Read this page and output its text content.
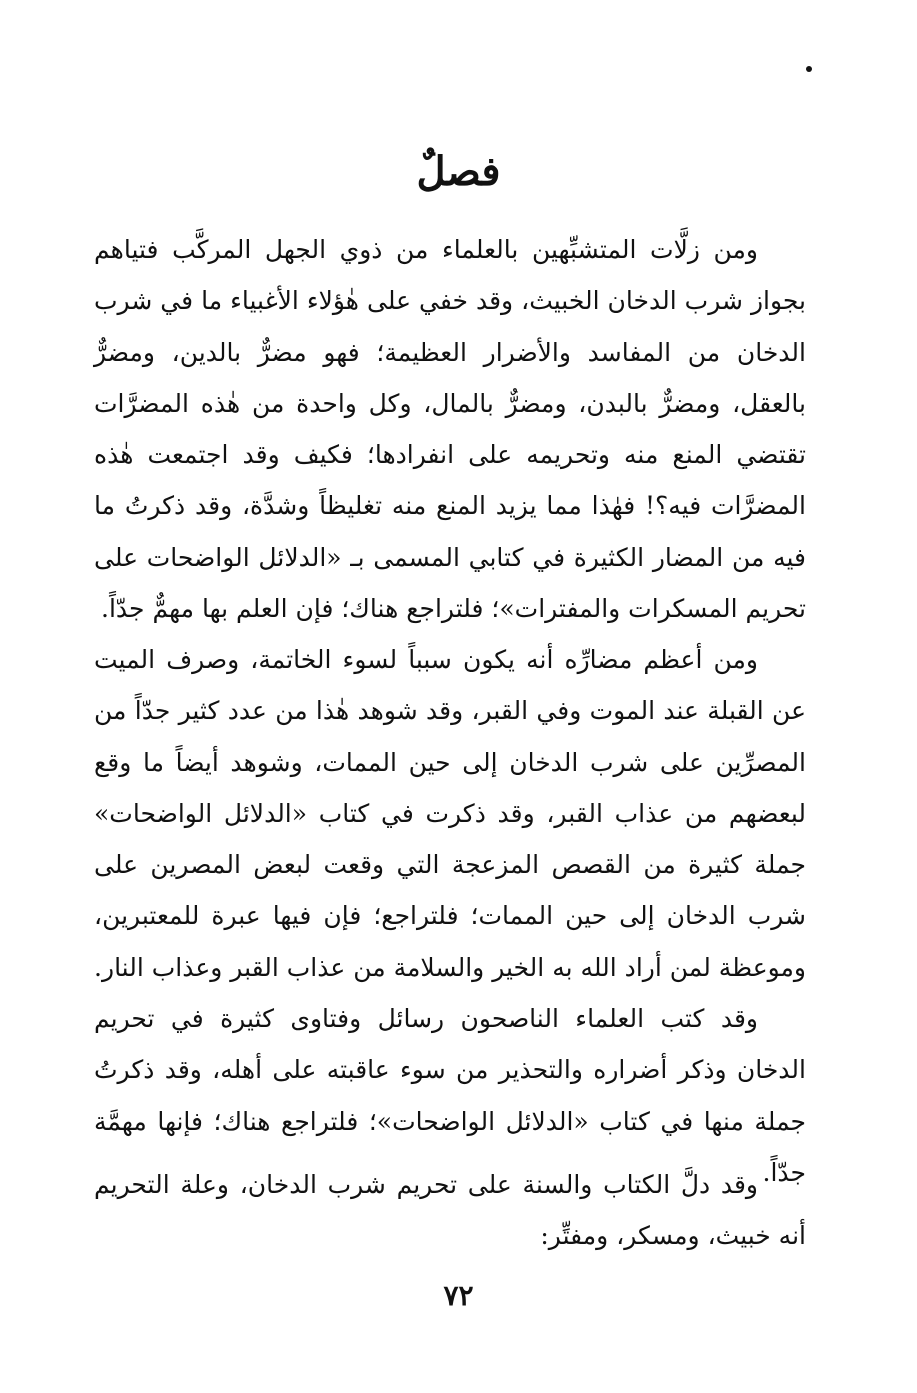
فصلٌ

ومن زلَّات المتشبِّهين بالعلماء من ذوي الجهل المركَّب فتياهم بجواز شرب الدخان الخبيث، وقد خفي على هٰؤلاء الأغبياء ما في شرب الدخان من المفاسد والأضرار العظيمة؛ فهو مضرٌّ بالدين، ومضرٌّ بالعقل، ومضرٌّ بالبدن، ومضرٌّ بالمال، وكل واحدة من هٰذه المضرَّات تقتضي المنع منه وتحريمه على انفرادها؛ فكيف وقد اجتمعت هٰذه المضرَّات فيه؟! فهٰذا مما يزيد المنع منه تغليظاً وشدَّة، وقد ذكرتُ ما فيه من المضار الكثيرة في كتابي المسمى بـ «الدلائل الواضحات على تحريم المسكرات والمفترات»؛ فلتراجع هناك؛ فإن العلم بها مهمٌّ جدّاً.

ومن أعظم مضارِّه أنه يكون سبباً لسوء الخاتمة، وصرف الميت عن القبلة عند الموت وفي القبر، وقد شوهد هٰذا من عدد كثير جدّاً من المصرِّين على شرب الدخان إلى حين الممات، وشوهد أيضاً ما وقع لبعضهم من عذاب القبر، وقد ذكرت في كتاب «الدلائل الواضحات» جملة كثيرة من القصص المزعجة التي وقعت لبعض المصرين على شرب الدخان إلى حين الممات؛ فلتراجع؛ فإن فيها عبرة للمعتبرين، وموعظة لمن أراد الله به الخير والسلامة من عذاب القبر وعذاب النار.

وقد كتب العلماء الناصحون رسائل وفتاوى كثيرة في تحريم الدخان وذكر أضراره والتحذير من سوء عاقبته على أهله، وقد ذكرتُ جملة منها في كتاب «الدلائل الواضحات»؛ فلتراجع هناك؛ فإنها مهمَّة جدّاً.

وقد دلَّ الكتاب والسنة على تحريم شرب الدخان، وعلة التحريم أنه خبيث، ومسكر، ومفتِّر:

٧٢
